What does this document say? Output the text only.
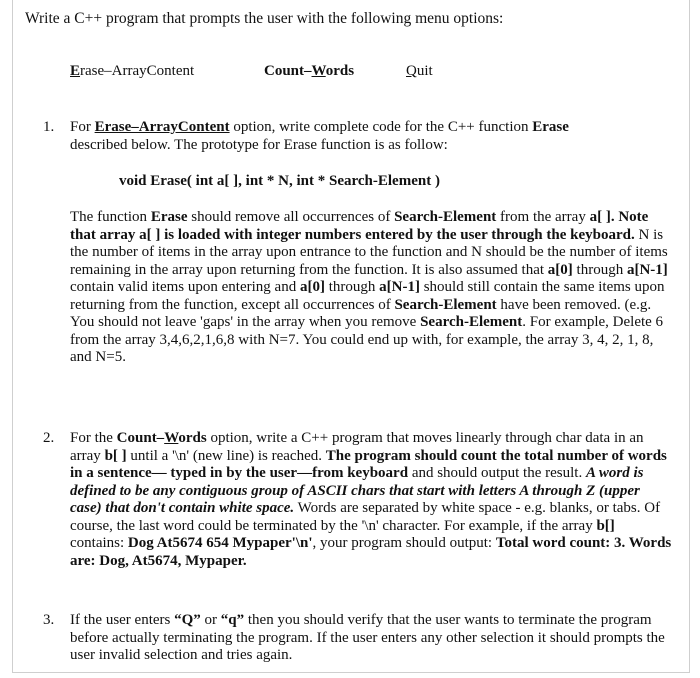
Write a C++ program that prompts the user with the following menu options:
Erase–ArrayContent	Count–Words	Quit
1. For Erase–ArrayContent option, write complete code for the C++ function Erase
described below. The prototype for Erase function is as follow:

void Erase( int a[ ], int * N, int * Search-Element )

The function Erase should remove all occurrences of Search-Element from the array a[ ]. Note that array a[ ] is loaded with integer numbers entered by the user through the keyboard. N is the number of items in the array upon entrance to the function and N should be the number of items remaining in the array upon returning from the function. It is also assumed that a[0] through a[N-1] contain valid items upon entering and a[0] through a[N-1] should still contain the same items upon returning from the function, except all occurrences of Search-Element have been removed. (e.g. You should not leave 'gaps' in the array when you remove Search-Element. For example, Delete 6 from the array 3,4,6,2,1,6,8 with N=7. You could end up with, for example, the array 3, 4, 2, 1, 8, and N=5.

2. For the Count–Words option, write a C++ program that moves linearly through char data in an array b[ ] until a '\n' (new line) is reached. The program should count the total number of words in a sentence— typed in by the user—from keyboard and should output the result. A word is defined to be any contiguous group of ASCII chars that start with letters A through Z (upper case) that don't contain white space. Words are separated by white space - e.g. blanks, or tabs. Of course, the last word could be terminated by the '\n' character. For example, if the array b[] contains: Dog At5674 654 Mypaper'\n', your program should output: Total word count: 3. Words are: Dog, At5674, Mypaper.

3. If the user enters “Q” or “q” then you should verify that the user wants to terminate the program before actually terminating the program. If the user enters any other selection it should prompts the user invalid selection and tries again.
